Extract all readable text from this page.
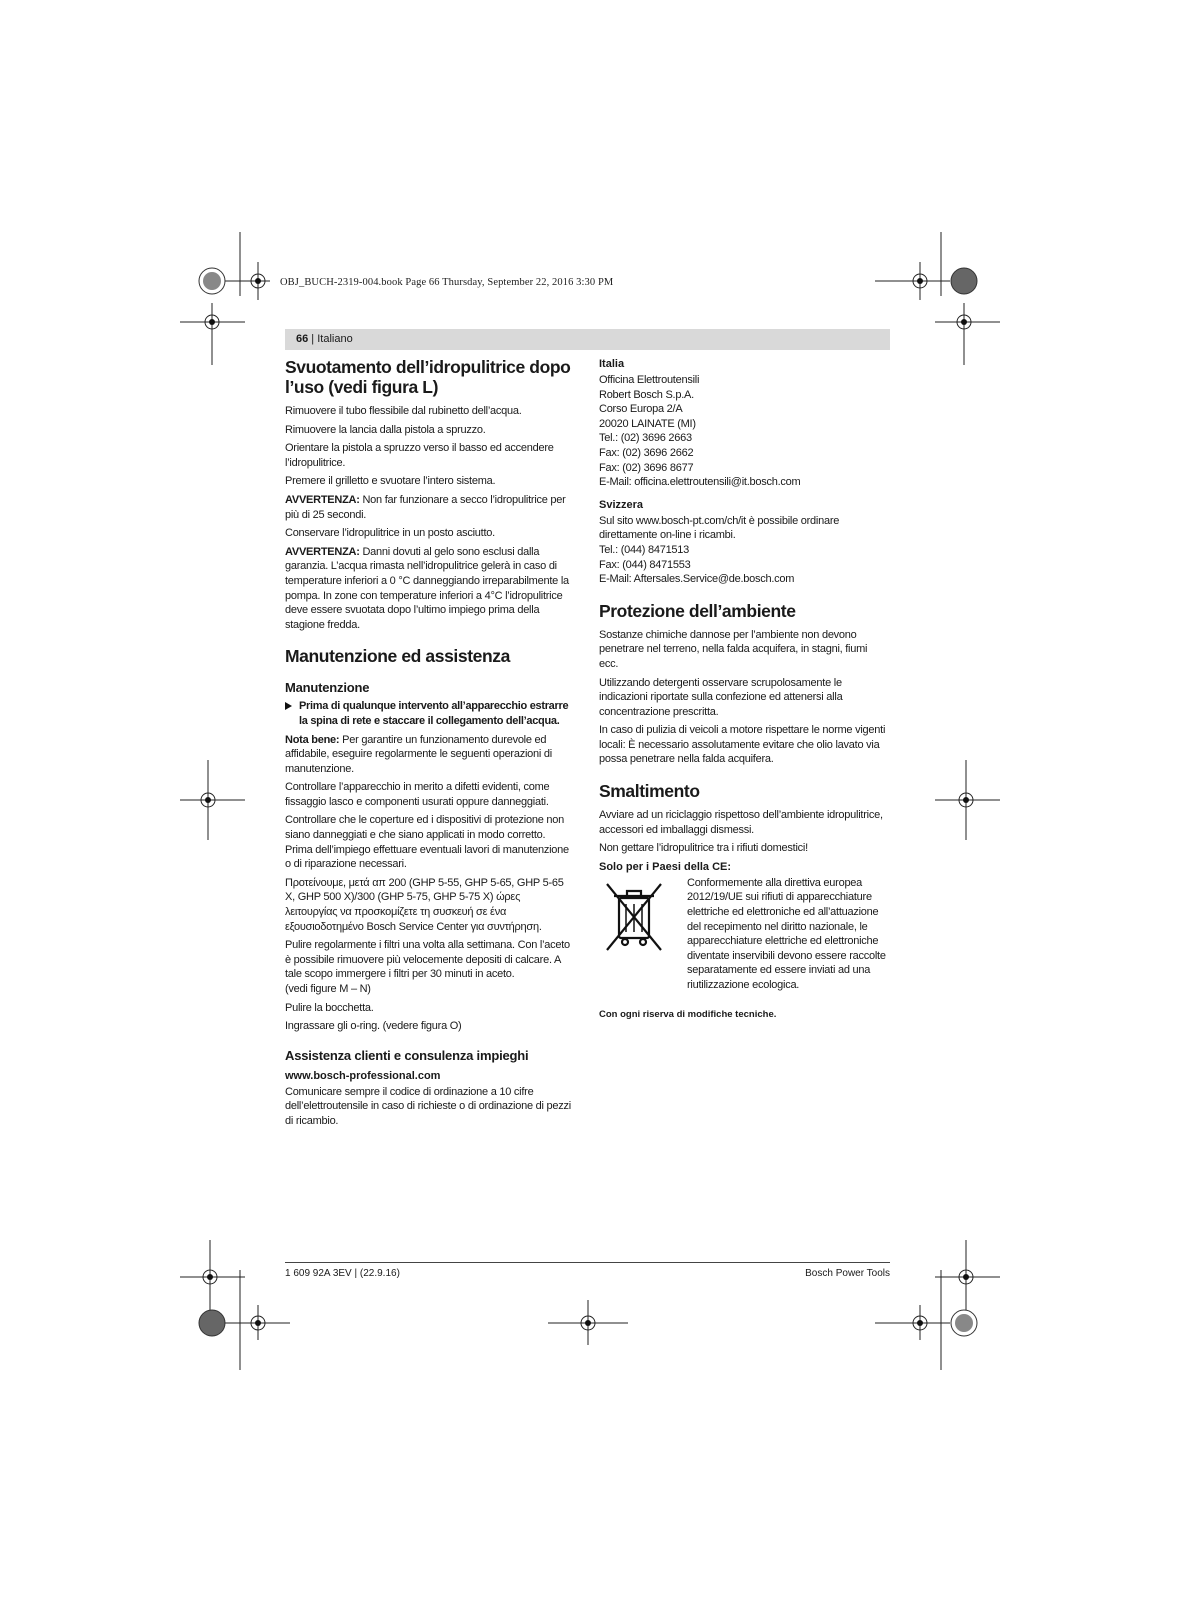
OBJ_BUCH-2319-004.book Page 66 Thursday, September 22, 2016 3:30 PM
66 | Italiano
Svuotamento dell’idropulitrice dopo l’uso (vedi figura L)

Rimuovere il tubo flessibile dal rubinetto dell’acqua.

Rimuovere la lancia dalla pistola a spruzzo.

Orientare la pistola a spruzzo verso il basso ed accendere l’idropulitrice.

Premere il grilletto e svuotare l’intero sistema.

AVVERTENZA: Non far funzionare a secco l’idropulitrice per più di 25 secondi.

Conservare l’idropulitrice in un posto asciutto.

AVVERTENZA: Danni dovuti al gelo sono esclusi dalla garanzia. L’acqua rimasta nell’idropulitrice gelerà in caso di temperature inferiori a 0 °C danneggiando irreparabilmente la pompa. In zone con temperature inferiori a 4°C l’idropulitrice deve essere svuotata dopo l’ultimo impiego prima della stagione fredda.

Manutenzione ed assistenza
Manutenzione
Prima di qualunque intervento all’apparecchio estrarre la spina di rete e staccare il collegamento dell’acqua.

Nota bene: Per garantire un funzionamento durevole ed affidabile, eseguire regolarmente le seguenti operazioni di manutenzione.

Controllare l’apparecchio in merito a difetti evidenti, come fissaggio lasco e componenti usurati oppure danneggiati.

Controllare che le coperture ed i dispositivi di protezione non siano danneggiati e che siano applicati in modo corretto. Prima dell’impiego effettuare eventuali lavori di manutenzione o di riparazione necessari.

Προτείνουμε, μετά απ 200 (GHP 5-55, GHP 5-65, GHP 5-65 X, GHP 500 X)/300 (GHP 5-75, GHP 5-75 X) ώρες λειτουργίας να προσκομίζετε τη συσκευή σε ένα εξουσιοδοτημένο Bosch Service Center για συντήρηση.

Pulire regolarmente i filtri una volta alla settimana. Con l’aceto è possibile rimuovere più velocemente depositi di calcare. A tale scopo immergere i filtri per 30 minuti in aceto.

(vedi figure M – N)

Pulire la bocchetta.

Ingrassare gli o-ring. (vedere figura O)

Assistenza clienti e consulenza impieghi
www.bosch-professional.com

Comunicare sempre il codice di ordinazione a 10 cifre dell’elettroutensile in caso di richieste o di ordinazione di pezzi di ricambio.

Italia

Officina Elettroutensili

Robert Bosch S.p.A.

Corso Europa 2/A

20020 LAINATE (MI)

Tel.: (02) 3696 2663

Fax: (02) 3696 2662

Fax: (02) 3696 8677

E-Mail: officina.elettroutensili@it.bosch.com

Svizzera

Sul sito www.bosch-pt.com/ch/it è possibile ordinare direttamente on-line i ricambi.

Tel.: (044) 8471513

Fax: (044) 8471553

E-Mail: Aftersales.Service@de.bosch.com

Protezione dell’ambiente

Sostanze chimiche dannose per l’ambiente non devono penetrare nel terreno, nella falda acquifera, in stagni, fiumi ecc.

Utilizzando detergenti osservare scrupolosamente le indicazioni riportate sulla confezione ed attenersi alla concentrazione prescritta.

In caso di pulizia di veicoli a motore rispettare le norme vigenti locali: È necessario assolutamente evitare che olio lavato via possa penetrare nella falda acquifera.

Smaltimento

Avviare ad un riciclaggio rispettoso dell’ambiente idropulitrice, accessori ed imballaggi dismessi.

Non gettare l’idropulitrice tra i rifiuti domestici!

Solo per i Paesi della CE:

Conformemente alla direttiva europea 2012/19/UE sui rifiuti di apparecchiature elettriche ed elettroniche ed all’attuazione del recepimento nel diritto nazionale, le apparecchiature elettriche ed elettroniche diventate inservibili devono essere raccolte separatamente ed essere inviati ad una riutilizzazione ecologica.

Con ogni riserva di modifiche tecniche.
1 609 92A 3EV | (22.9.16)	Bosch Power Tools
